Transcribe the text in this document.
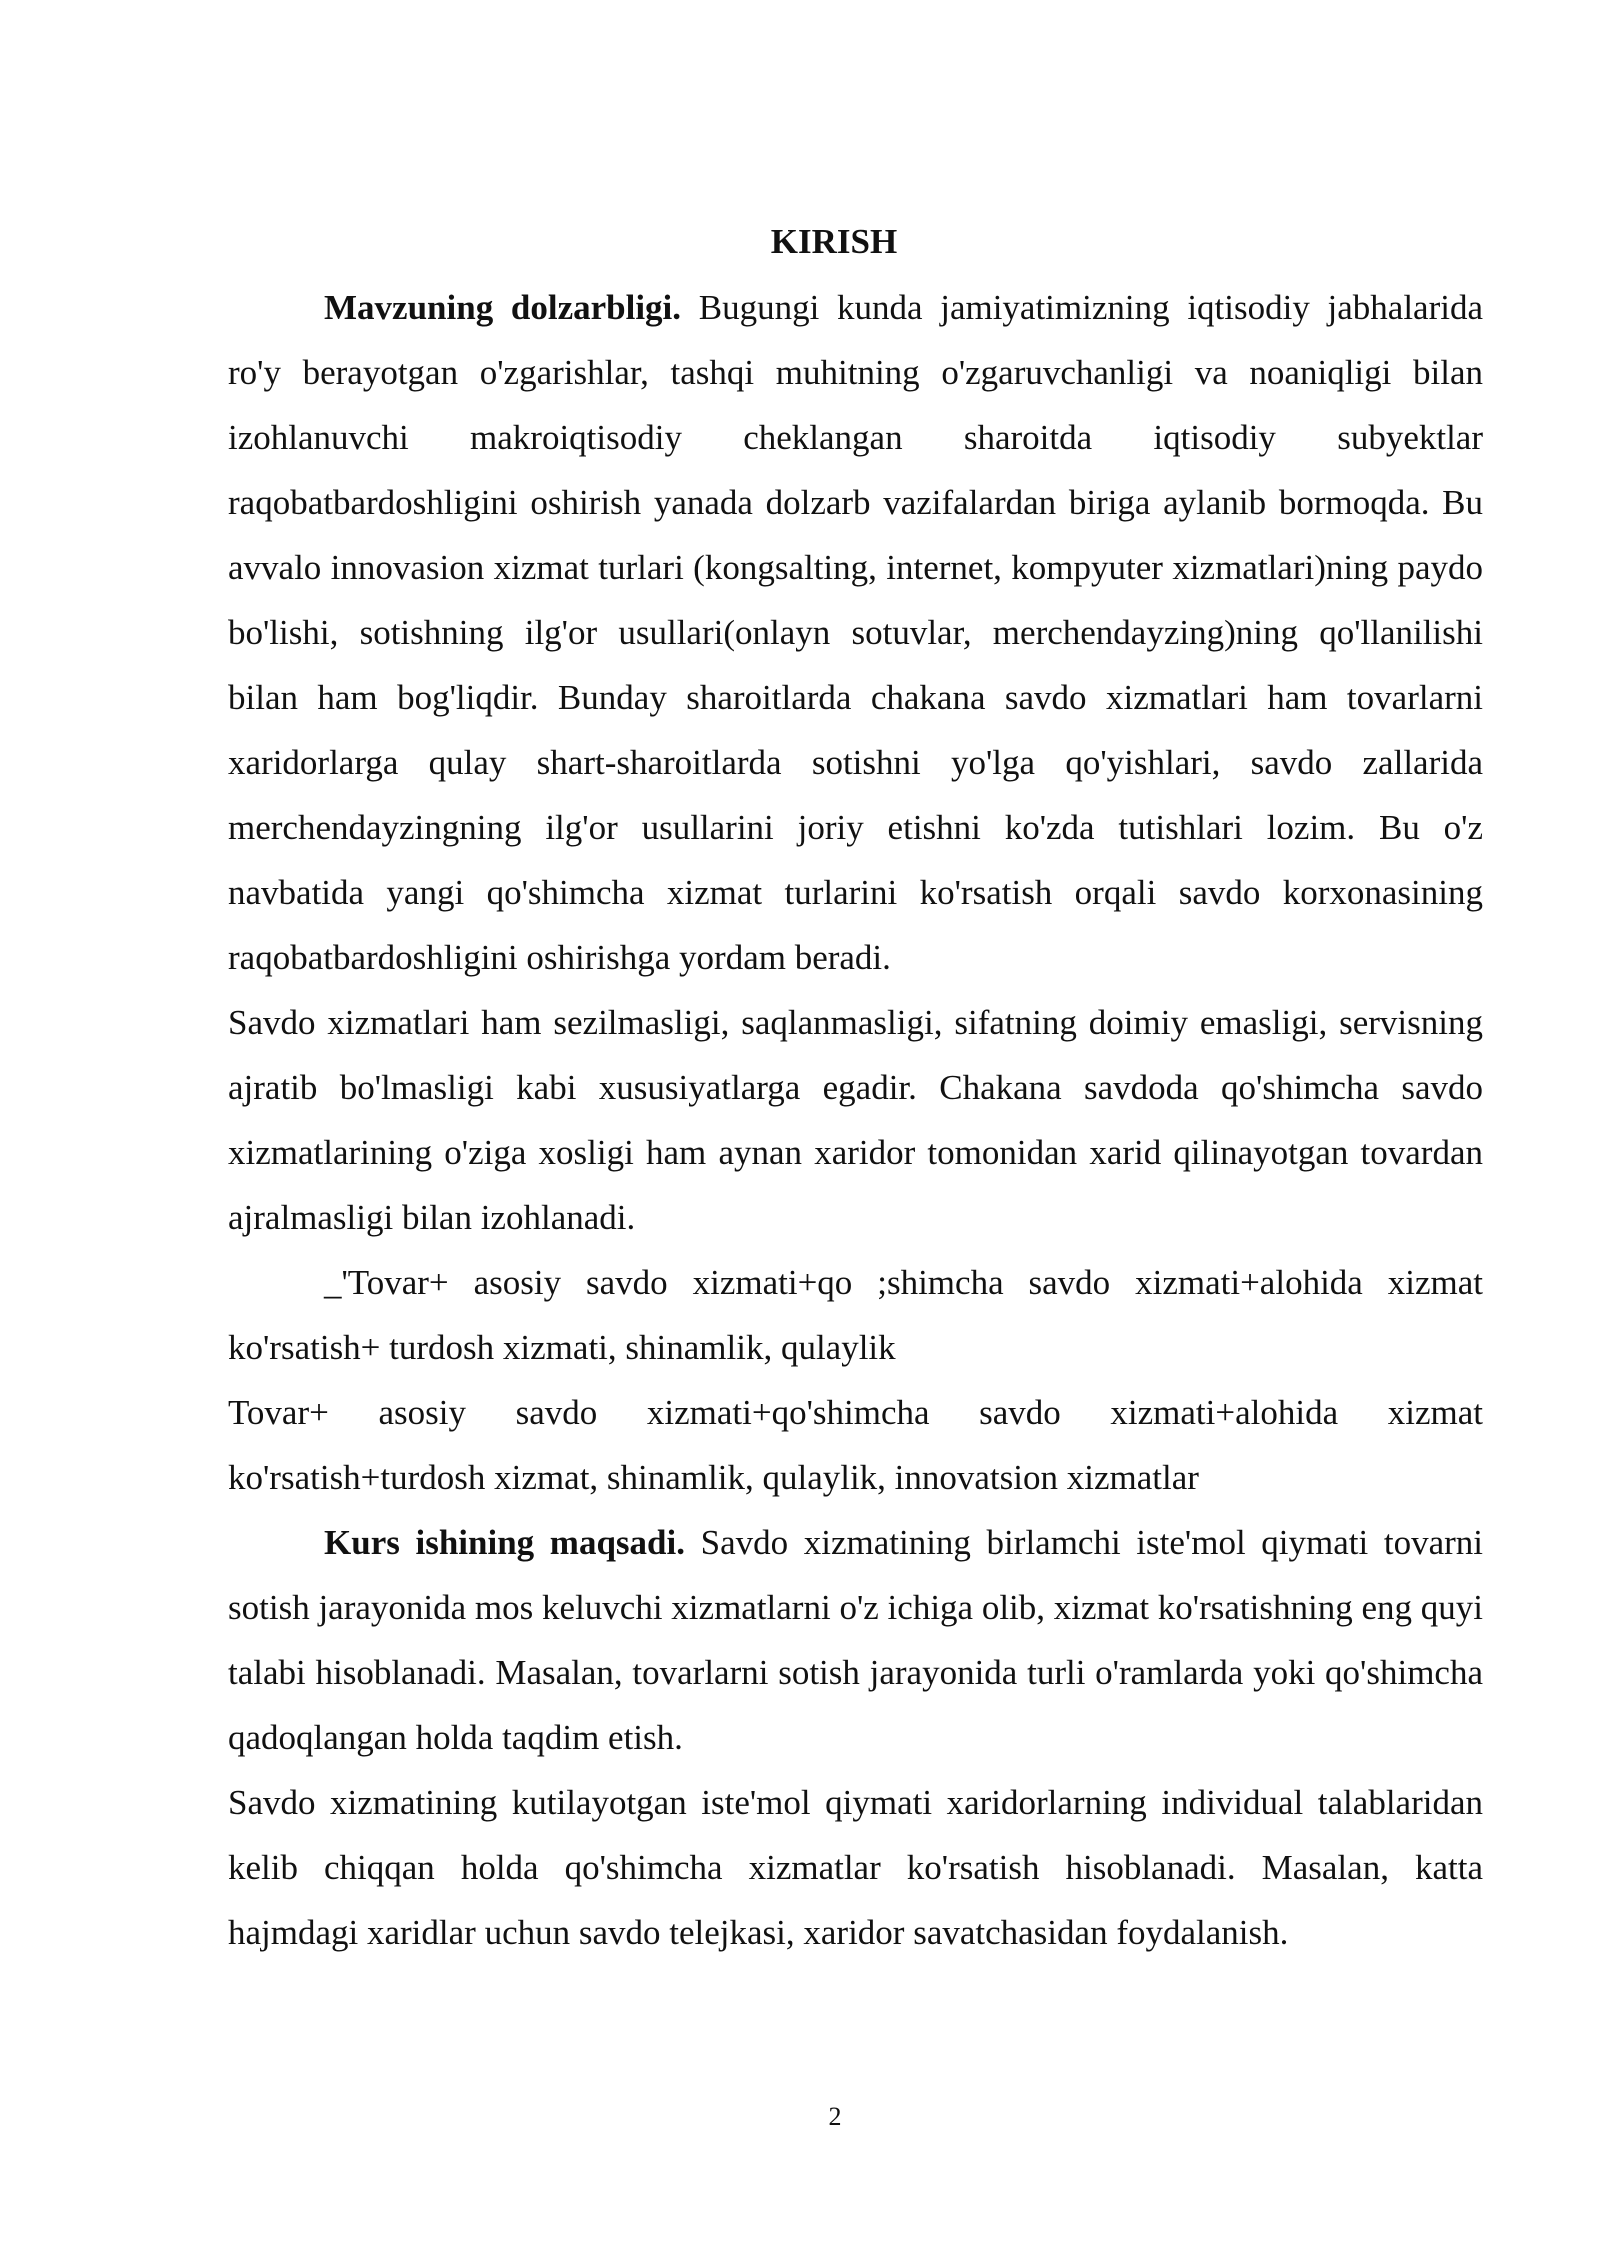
KIRISH

Mavzuning dolzarbligi. Bugungi kunda jamiyatimizning iqtisodiy jabhalarida ro'y berayotgan o'zgarishlar, tashqi muhitning o'zgaruvchanligi va noaniqligi bilan izohlanuvchi makroiqtisodiy cheklangan sharoitda iqtisodiy subyektlar raqobatbardoshligini oshirish yanada dolzarb vazifalardan biriga aylanib bormoqda. Bu avvalo innovasion xizmat turlari (kongsalting, internet, kompyuter xizmatlari)ning paydo bo'lishi, sotishning ilg'or usullari(onlayn sotuvlar, merchendayzing)ning qo'llanilishi bilan ham bog'liqdir. Bunday sharoitlarda chakana savdo xizmatlari ham tovarlarni xaridorlarga qulay shart-sharoitlarda sotishni yo'lga qo'yishlari, savdo zallarida merchendayzingning ilg'or usullarini joriy etishni ko'zda tutishlari lozim. Bu o'z navbatida yangi qo'shimcha xizmat turlarini ko'rsatish orqali savdo korxonasining raqobatbardoshligini oshirishga yordam beradi.

Savdo xizmatlari ham sezilmasligi, saqlanmasligi, sifatning doimiy emasligi, servisning ajratib bo'lmasligi kabi xususiyatlarga egadir. Chakana savdoda qo'shimcha savdo xizmatlarining o'ziga xosligi ham aynan xaridor tomonidan xarid qilinayotgan tovardan ajralmasligi bilan izohlanadi.

_'Tovar+ asosiy savdo xizmati+qo ;shimcha savdo xizmati+alohida xizmat ko'rsatish+ turdosh xizmati, shinamlik, qulaylik

Tovar+ asosiy savdo xizmati+qo'shimcha savdo xizmati+alohida xizmat ko'rsatish+turdosh xizmat, shinamlik, qulaylik, innovatsion xizmatlar

Kurs ishining maqsadi. Savdo xizmatining birlamchi iste'mol qiymati tovarni sotish jarayonida mos keluvchi xizmatlarni o'z ichiga olib, xizmat ko'rsatishning eng quyi talabi hisoblanadi. Masalan, tovarlarni sotish jarayonida turli o'ramlarda yoki qo'shimcha qadoqlangan holda taqdim etish.

Savdo xizmatining kutilayotgan iste'mol qiymati xaridorlarning individual talablaridan kelib chiqqan holda qo'shimcha xizmatlar ko'rsatish hisoblanadi. Masalan, katta hajmdagi xaridlar uchun savdo telejkasi, xaridor savatchasidan foydalanish.

2
